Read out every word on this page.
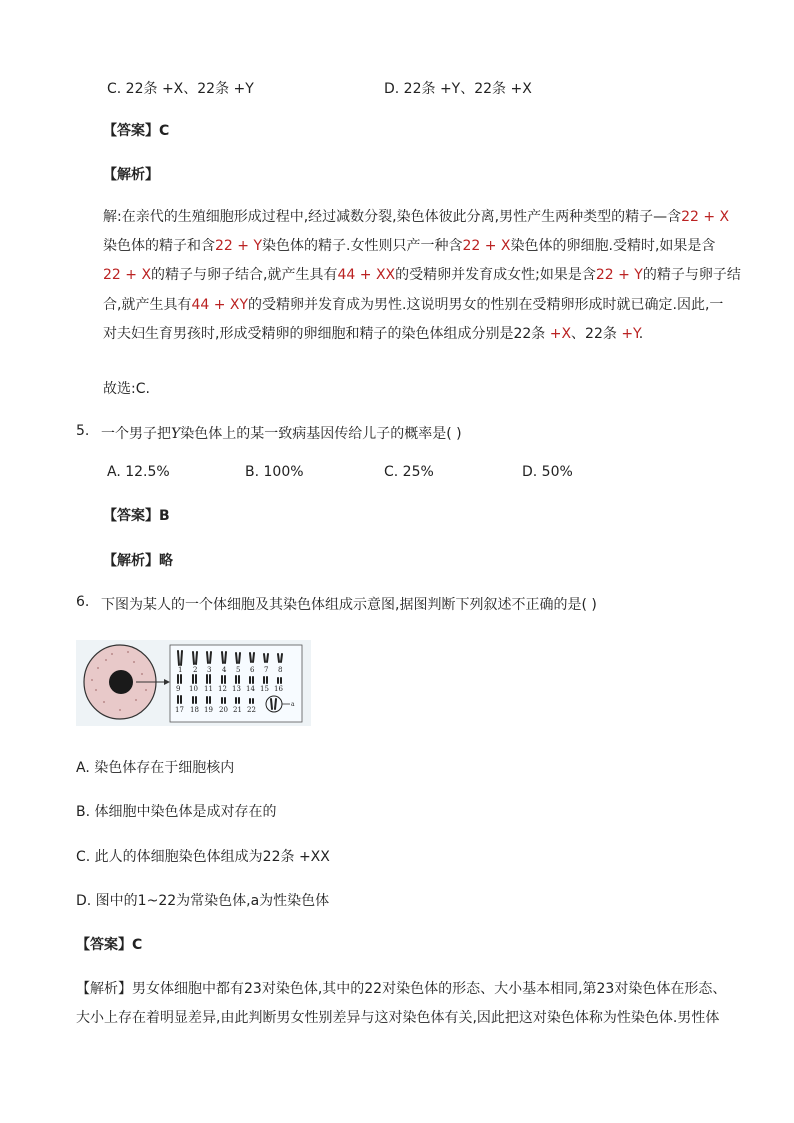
C. 22条 +X、22条 +Y	D. 22条 +Y、22条 +X
【答案】C
【解析】
解:在亲代的生殖细胞形成过程中,经过减数分裂,染色体彼此分离,男性产生两种类型的精子—含22 + X
染色体的精子和含22 + Y染色体的精子.女性则只产一种含22 + X染色体的卵细胞.受精时,如果是含
22 + X的精子与卵子结合,就产生具有44 + XX的受精卵并发育成女性;如果是含22 + Y的精子与卵子结
合,就产生具有44 + XY的受精卵并发育成为男性.这说明男女的性别在受精卵形成时就已确定.因此,一
对夫妇生育男孩时,形成受精卵的卵细胞和精子的染色体组成分别是22条 +X、22条 +Y.
故选:C.
5. 一个男子把Y染色体上的某一致病基因传给儿子的概率是( )
A. 12.5%	B. 100%	C. 25%	D. 50%
【答案】B
【解析】略
6. 下图为某人的一个体细胞及其染色体组成示意图,据图判断下列叙述不正确的是( )
1 2 3 4 5 6 7 8
9 10 11 12 13 14 15 16
17 18 19 20 21 22
a
A. 染色体存在于细胞核内
B. 体细胞中染色体是成对存在的
C. 此人的体细胞染色体组成为22条 +XX
D. 图中的1~22为常染色体,a为性染色体
【答案】C
【解析】男女体细胞中都有23对染色体,其中的22对染色体的形态、大小基本相同,第23对染色体在形态、
大小上存在着明显差异,由此判断男女性别差异与这对染色体有关,因此把这对染色体称为性染色体.男性体
